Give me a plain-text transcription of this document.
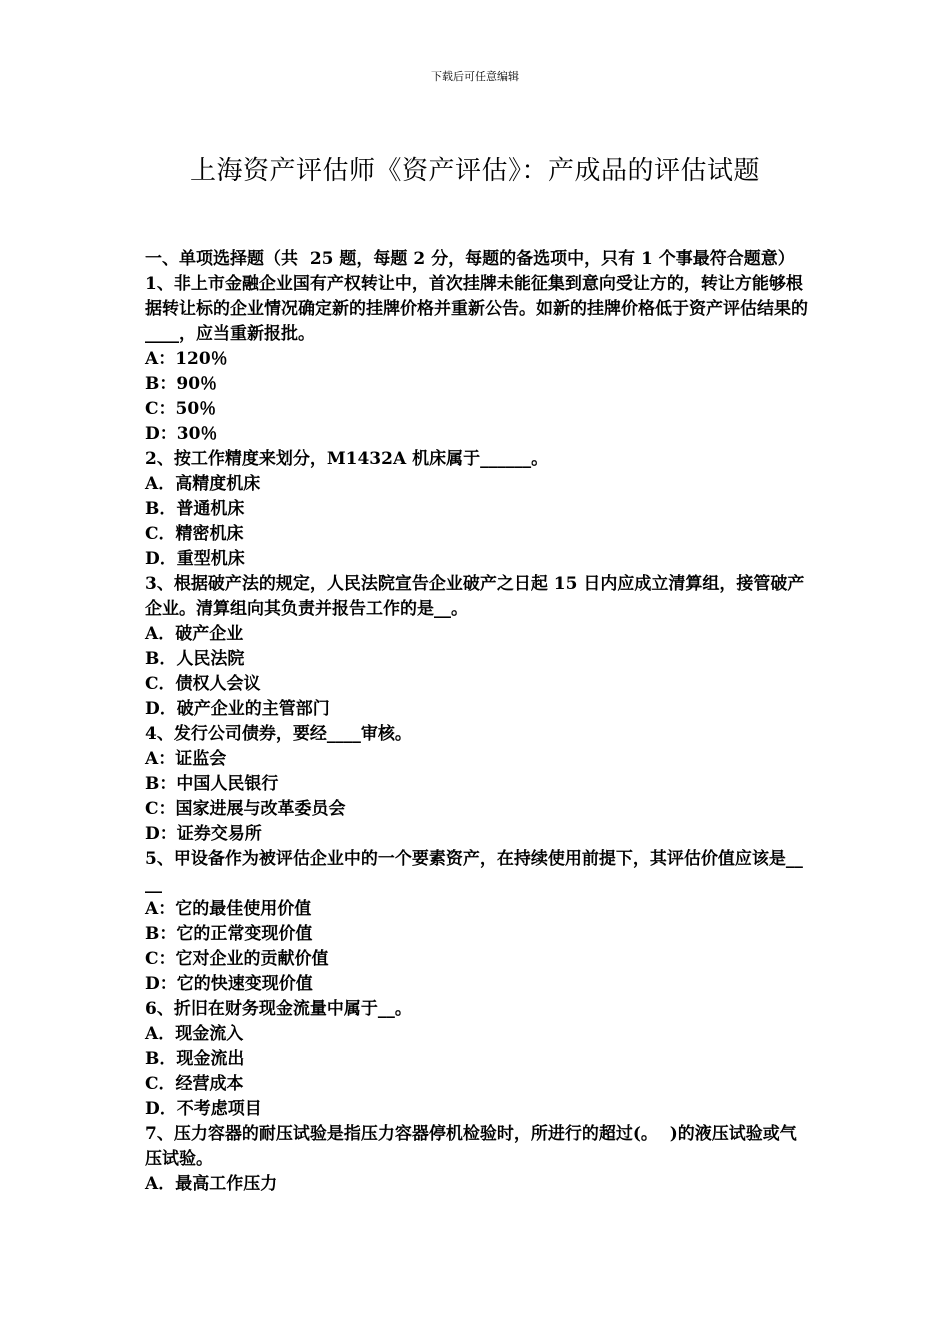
下载后可任意编辑
上海资产评估师《资产评估》：产成品的评估试题
一、单项选择题（共  25 题，每题 2 分，每题的备选项中，只有 1 个事最符合题意）
1、非上市金融企业国有产权转让中，首次挂牌未能征集到意向受让方的，转让方能够根据转让标的企业情况确定新的挂牌价格并重新公告。如新的挂牌价格低于资产评估结果的____，应当重新报批。
A：120％
B：90％
C：50％
D：30％
2、按工作精度来划分，M1432A 机床属于______。
A．高精度机床
B．普通机床
C．精密机床
D．重型机床
3、根据破产法的规定，人民法院宣告企业破产之日起 15 日内应成立清算组，接管破产企业。清算组向其负责并报告工作的是__。
A．破产企业
B．人民法院
C．债权人会议
D．破产企业的主管部门
4、发行公司债券，要经____审核。
A：证监会
B：中国人民银行
C：国家进展与改革委员会
D：证券交易所
5、甲设备作为被评估企业中的一个要素资产，在持续使用前提下，其评估价值应该是____
A：它的最佳使用价值
B：它的正常变现价值
C：它对企业的贡献价值
D：它的快速变现价值
6、折旧在财务现金流量中属于__。
A．现金流入
B．现金流出
C．经营成本
D．不考虑项目
7、压力容器的耐压试验是指压力容器停机检验时，所进行的超过(。  )的液压试验或气压试验。
A．最高工作压力
